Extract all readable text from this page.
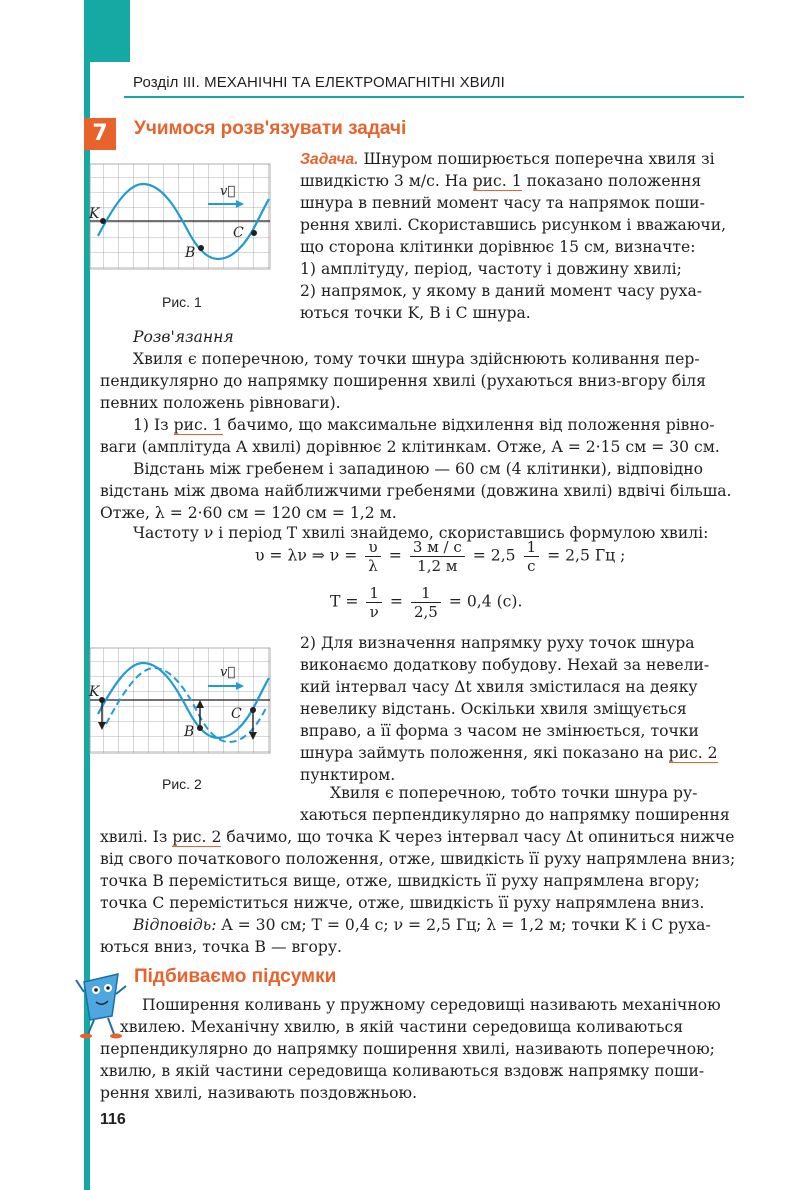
Розділ ІІІ. МЕХАНІЧНІ ТА ЕЛЕКТРОМАГНІТНІ ХВИЛІ
7	Учимося розв'язувати задачі
K
B
C
v⃗
Рис. 1
Задача. Шнуром поширюється поперечна хвиля зі
швидкістю 3 м/с. На рис. 1 показано положення
шнура в певний момент часу та напрямок поши-
рення хвилі. Скориставшись рисунком і вважаючи,
що сторона клітинки дорівнює 15 см, визначте:
1) амплітуду, період, частоту і довжину хвилі;
2) напрямок, у якому в даний момент часу руха-
ються точки K, B і C шнура.
Розв'язання
Хвиля є поперечною, тому точки шнура здійснюють коливання пер-
пендикулярно до напрямку поширення хвилі (рухаються вниз-вгору біля
певних положень рівноваги).
1) Із рис. 1 бачимо, що максимальне відхилення від положення рівно-
ваги (амплітуда A хвилі) дорівнює 2 клітинкам. Отже, A = 2·15 см = 30 см.
Відстань між гребенем і западиною — 60 см (4 клітинки), відповідно
відстань між двома найближчими гребенями (довжина хвилі) вдвічі більша.
Отже, λ = 2·60 см = 120 см = 1,2 м.
Частоту ν і період T хвилі знайдемо, скориставшись формулою хвилі:
υ = λν ⇒ $\nu = \frac{\upsilon}{\lambda} = \frac{3 м / с}{1,2 м} = 2,5 \frac{1}{с} = 2,5$ Гц ;
$T = \frac{1}{\nu} = \frac{1}{2,5} = 0,4$ (с).
K
B
C
v⃗
Рис. 2
2) Для визначення напрямку руху точок шнура
виконаємо додаткову побудову. Нехай за невели-
кий інтервал часу Δt хвиля змістилася на деяку
невелику відстань. Оскільки хвиля зміщується
вправо, а її форма з часом не змінюється, точки
шнура займуть положення, які показано на рис. 2
пунктиром.
Хвиля є поперечною, тобто точки шнура ру-
хаються перпендикулярно до напрямку поширення
хвилі. Із рис. 2 бачимо, що точка K через інтервал часу Δt опиниться нижче
від свого початкового положення, отже, швидкість її руху напрямлена вниз;
точка B переміститься вище, отже, швидкість її руху напрямлена вгору;
точка C переміститься нижче, отже, швидкість її руху напрямлена вниз.
Відповідь: A = 30 см; T = 0,4 с; ν = 2,5 Гц; λ = 1,2 м; точки K і C руха-
ються вниз, точка B — вгору.
Підбиваємо підсумки
Поширення коливань у пружному середовищі називають механічною
хвилею. Механічну хвилю, в якій частини середовища коливаються
перпендикулярно до напрямку поширення хвилі, називають поперечною;
хвилю, в якій частини середовища коливаються вздовж напрямку поши-
рення хвилі, називають поздовжньою.
116
